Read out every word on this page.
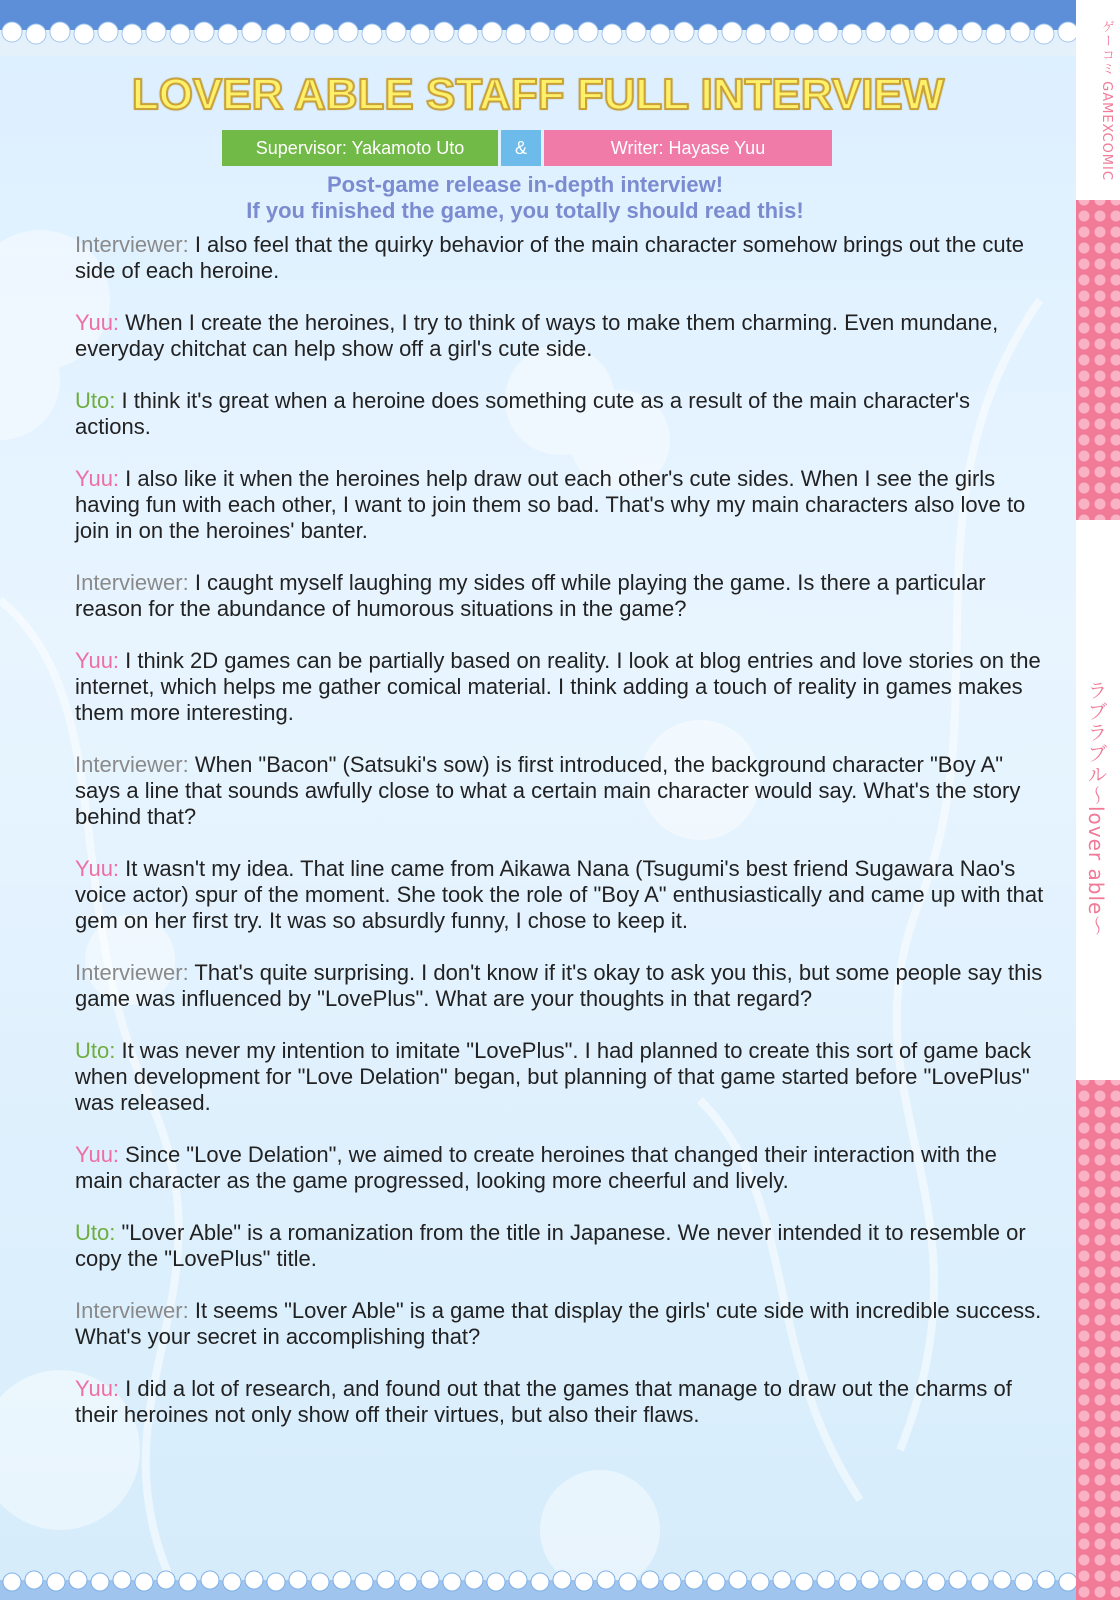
ゲーコミ GAMEXCOMIC
ラブラブル～lover able～
LOVER ABLE STAFF FULL INTERVIEW
Supervisor: Yakamoto Uto	&	Writer: Hayase Yuu
Post-game release in-depth interview!
If you finished the game, you totally should read this!

Interviewer: I also feel that the quirky behavior of the main character somehow brings out the cute side of each heroine.

Yuu: When I create the heroines, I try to think of ways to make them charming. Even mundane, everyday chitchat can help show off a girl's cute side.

Uto: I think it's great when a heroine does something cute as a result of the main character's actions.

Yuu: I also like it when the heroines help draw out each other's cute sides. When I see the girls having fun with each other, I want to join them so bad. That's why my main characters also love to join in on the heroines' banter.

Interviewer: I caught myself laughing my sides off while playing the game. Is there a particular reason for the abundance of humorous situations in the game?

Yuu: I think 2D games can be partially based on reality. I look at blog entries and love stories on the internet, which helps me gather comical material. I think adding a touch of reality in games makes them more interesting.

Interviewer: When "Bacon" (Satsuki's sow) is first introduced, the background character "Boy A" says a line that sounds awfully close to what a certain main character would say. What's the story behind that?

Yuu: It wasn't my idea. That line came from Aikawa Nana (Tsugumi's best friend Sugawara Nao's voice actor) spur of the moment. She took the role of "Boy A" enthusiastically and came up with that gem on her first try. It was so absurdly funny, I chose to keep it.

Interviewer: That's quite surprising. I don't know if it's okay to ask you this, but some people say this game was influenced by "LovePlus". What are your thoughts in that regard?

Uto: It was never my intention to imitate "LovePlus". I had planned to create this sort of game back when development for "Love Delation" began, but planning of that game started before "LovePlus" was released.

Yuu: Since "Love Delation", we aimed to create heroines that changed their interaction with the main character as the game progressed, looking more cheerful and lively.

Uto: "Lover Able" is a romanization from the title in Japanese. We never intended it to resemble or copy the "LovePlus" title.

Interviewer: It seems "Lover Able" is a game that display the girls' cute side with incredible success. What's your secret in accomplishing that?

Yuu: I did a lot of research, and found out that the games that manage to draw out the charms of their heroines not only show off their virtues, but also their flaws.
